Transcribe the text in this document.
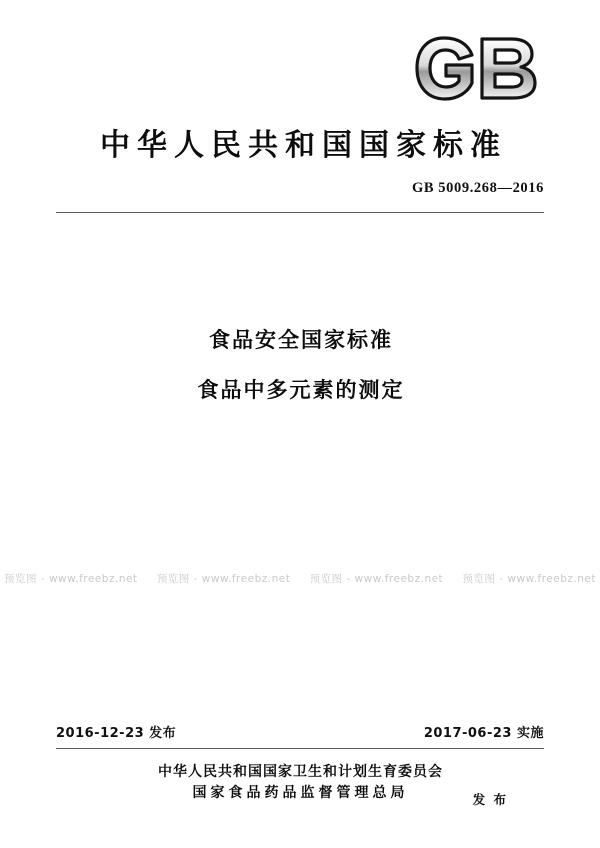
中华人民共和国国家标准
GB 5009.268—2016
食品安全国家标准
食品中多元素的测定
预览图 - www.freebz.net 预览图 - www.freebz.net 预览图 - www.freebz.net 预览图 - www.freebz.net
2016-12-23 发布	2017-06-23 实施
中华人民共和国国家卫生和计划生育委员会
国家食品药品监督管理总局	发 布
